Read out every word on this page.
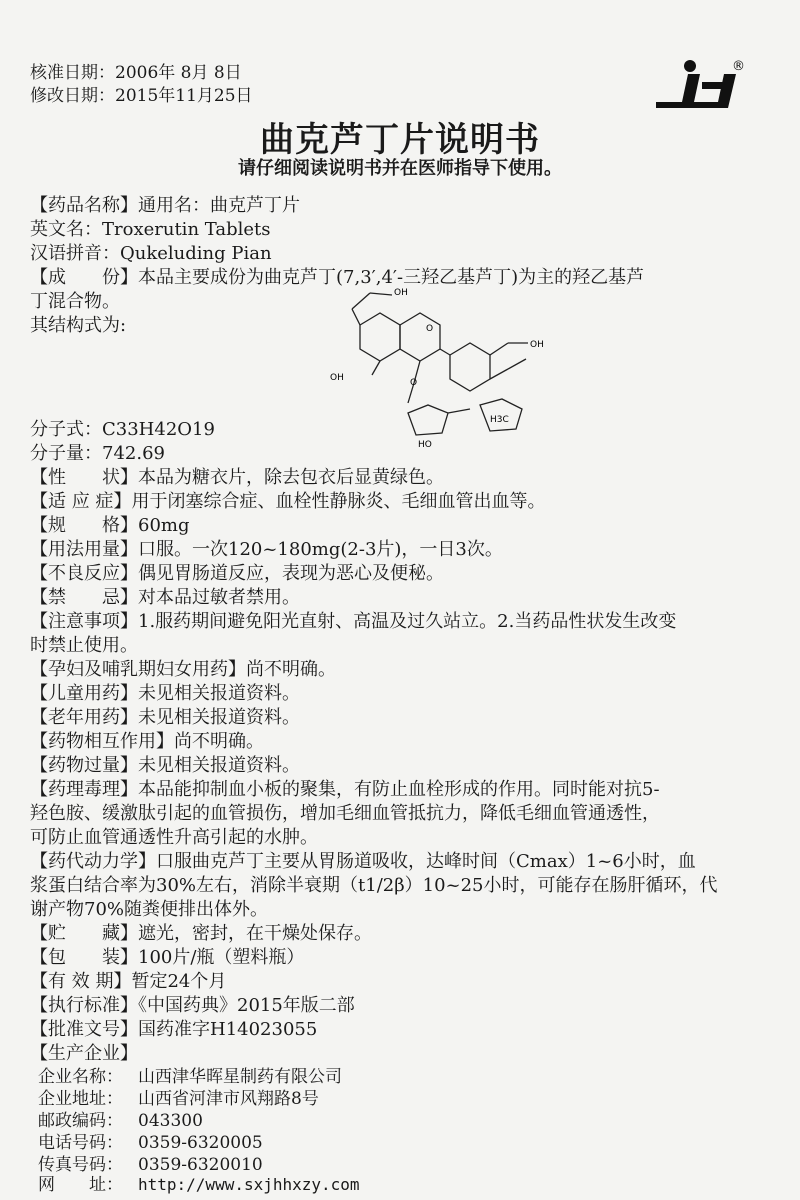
核准日期：2006年 8月 8日
修改日期：2015年11月25日
®
曲克芦丁片说明书
请仔细阅读说明书并在医师指导下使用。
【药品名称】通用名：曲克芦丁片
英文名：Troxerutin Tablets
汉语拼音：Qukeluding Pian
【成　　份】本品主要成份为曲克芦丁(7,3′,4′-三羟乙基芦丁)为主的羟乙基芦
丁混合物。
其结构式为:
OH
OH
OH
O
O
HO
H3C
分子式：C33H42O19
分子量：742.69
【性　　状】本品为糖衣片，除去包衣后显黄绿色。
【适 应 症】用于闭塞综合症、血栓性静脉炎、毛细血管出血等。
【规　　格】60mg
【用法用量】口服。一次120~180mg(2-3片)，一日3次。
【不良反应】偶见胃肠道反应，表现为恶心及便秘。
【禁　　忌】对本品过敏者禁用。
【注意事项】1.服药期间避免阳光直射、高温及过久站立。2.当药品性状发生改变
时禁止使用。
【孕妇及哺乳期妇女用药】尚不明确。
【儿童用药】未见相关报道资料。
【老年用药】未见相关报道资料。
【药物相互作用】尚不明确。
【药物过量】未见相关报道资料。
【药理毒理】本品能抑制血小板的聚集，有防止血栓形成的作用。同时能对抗5-
羟色胺、缓激肽引起的血管损伤，增加毛细血管抵抗力，降低毛细血管通透性，
可防止血管通透性升高引起的水肿。
【药代动力学】口服曲克芦丁主要从胃肠道吸收，达峰时间（Cmax）1~6小时，血
浆蛋白结合率为30%左右，消除半衰期（t1/2β）10~25小时，可能存在肠肝循环，代
谢产物70%随粪便排出体外。
【贮　　藏】遮光，密封，在干燥处保存。
【包　　装】100片/瓶（塑料瓶）
【有 效 期】暂定24个月
【执行标准】《中国药典》2015年版二部
【批准文号】国药准字H14023055
【生产企业】
企业名称： 山西津华晖星制药有限公司
企业地址： 山西省河津市风翔路8号
邮政编码： 043300
电话号码： 0359-6320005
传真号码： 0359-6320010
网　　址： http://www.sxjhhxzy.com
